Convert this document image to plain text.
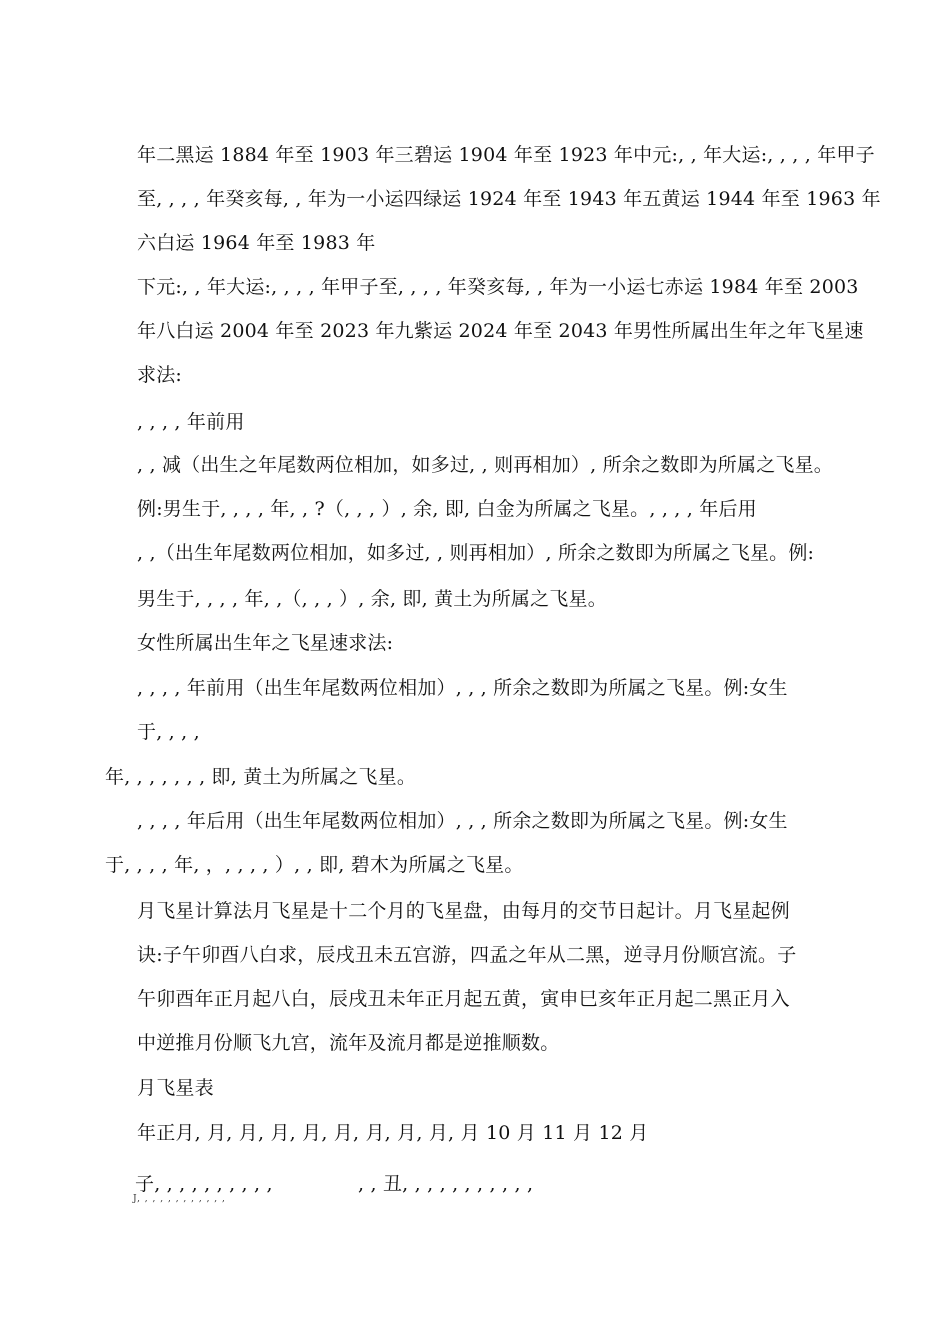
年二黑运 1884 年至 1903 年三碧运 1904 年至 1923 年中元:, , 年大运:, , , , 年甲子
至, , , , 年癸亥每, , 年为一小运四绿运 1924 年至 1943 年五黄运 1944 年至 1963 年
六白运 1964 年至 1983 年
下元:, , 年大运:, , , , 年甲子至, , , , 年癸亥每, , 年为一小运七赤运 1984 年至 2003
年八白运 2004 年至 2023 年九紫运 2024 年至 2043 年男性所属出生年之年飞星速
求法:
, , , , 年前用
, , 减（出生之年尾数两位相加，如多过, , 则再相加）, 所余之数即为所属之飞星。
例:男生于, , , , 年, , ?（, , , ）, 余, 即, 白金为所属之飞星。, , , , 年后用
, ,（出生年尾数两位相加，如多过, , 则再相加）, 所余之数即为所属之飞星。例:
男生于, , , , 年, ,（, , , ）, 余, 即, 黄土为所属之飞星。
女性所属出生年之飞星速求法:
, , , , 年前用（出生年尾数两位相加）, , , 所余之数即为所属之飞星。例:女生
于, , , ,
年, , , , , , , 即, 黄土为所属之飞星。
, , , , 年后用（出生年尾数两位相加）, , , 所余之数即为所属之飞星。例:女生
于, , , , 年, ，, , , , ）, , 即, 碧木为所属之飞星。
月飞星计算法月飞星是十二个月的飞星盘，由每月的交节日起计。月飞星起例
诀:子午卯酉八白求，辰戌丑未五宫游，四孟之年从二黑，逆寻月份顺宫流。子
午卯酉年正月起八白，辰戌丑未年正月起五黄，寅申巳亥年正月起二黑正月入
中逆推月份顺飞九宫，流年及流月都是逆推顺数。
月飞星表
年正月, 月, 月, 月, 月, 月, 月, 月, 月, 月 10 月 11 月 12 月
子, , , , , , , , , ,	, , 丑, , , , , , , , , , ,
J, , , , , , , , , , , ,
